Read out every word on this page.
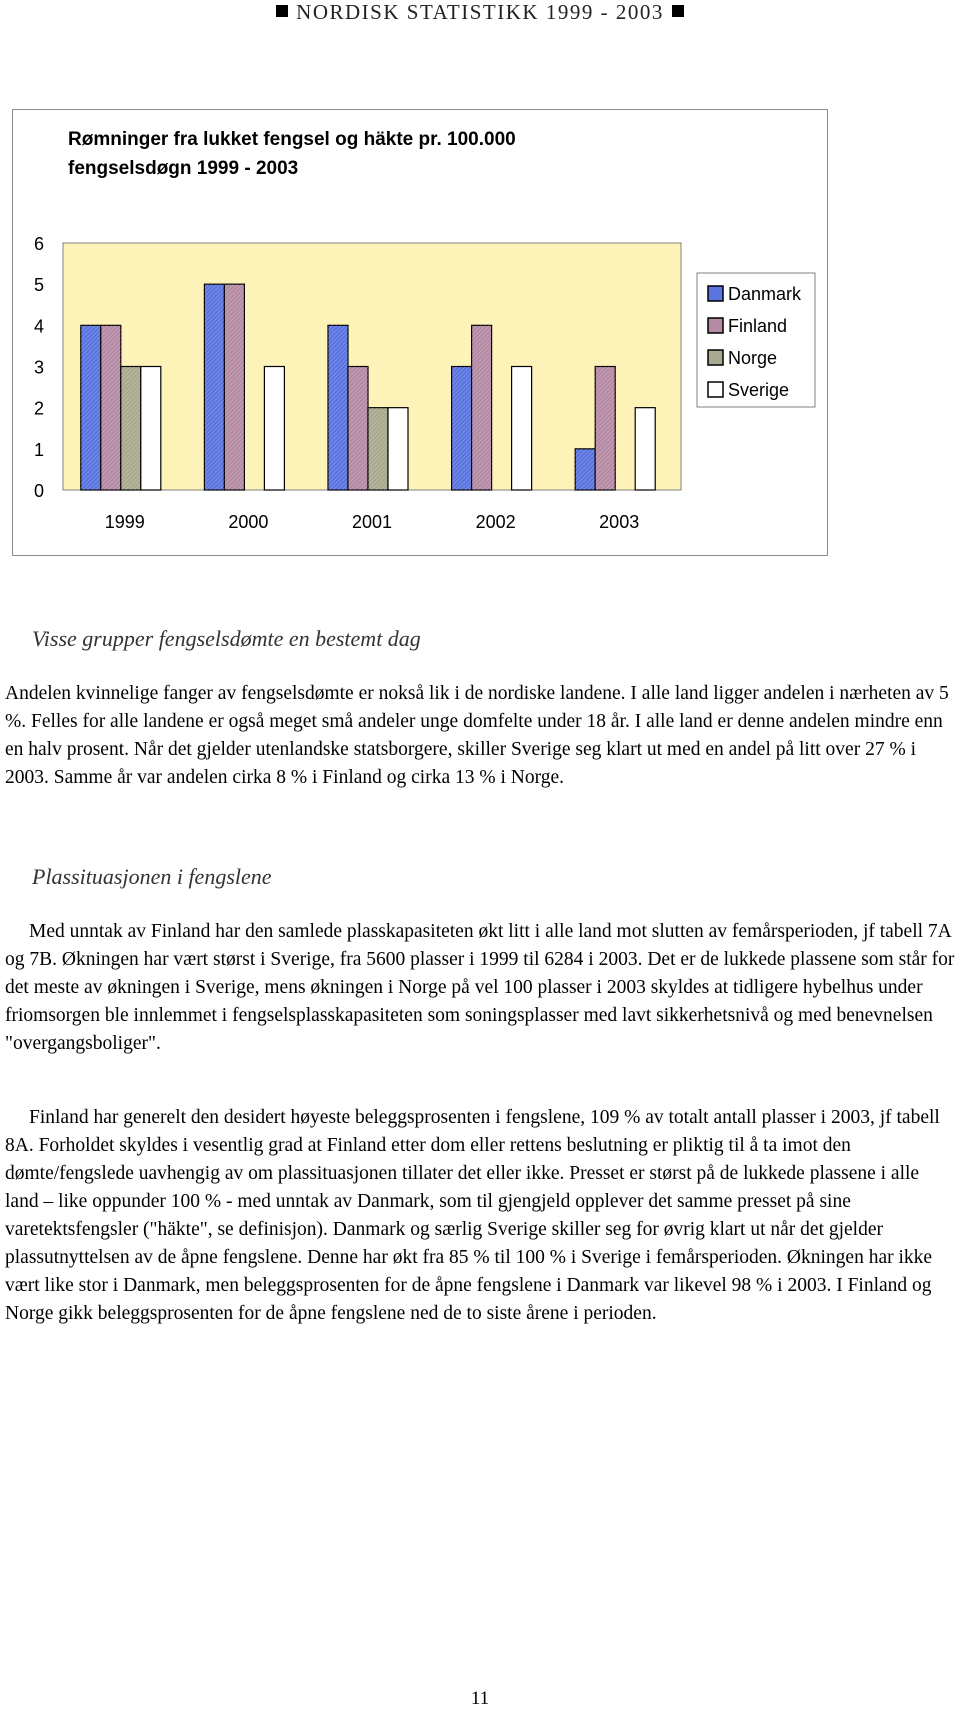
NORDISK STATISTIKK 1999 - 2003
Rømninger fra lukket fengsel og häkte pr. 100.000 fengselsdøgn 1999 - 2003
0
1
2
3
4
5
6
1999	2000	2001	2002	2003
Danmark
Finland
Norge
Sverige
Visse grupper fengselsdømte en bestemt dag

Andelen kvinnelige fanger av fengselsdømte er nokså lik i de nordiske landene. I alle land ligger andelen i nærheten av 5 %. Felles for alle landene er også meget små andeler unge domfelte under 18 år. I alle land er denne andelen mindre enn en halv prosent. Når det gjelder utenlandske statsborgere, skiller Sverige seg klart ut med en andel på litt over 27 % i 2003. Samme år var andelen cirka 8 % i Finland og cirka 13 % i Norge.

Plassituasjonen i fengslene

Med unntak av Finland har den samlede plasskapasiteten økt litt i alle land mot slutten av femårsperioden, jf tabell 7A og 7B. Økningen har vært størst i Sverige, fra 5600 plasser i 1999 til 6284 i 2003. Det er de lukkede plassene som står for det meste av økningen i Sverige, mens økningen i Norge på vel 100 plasser i 2003 skyldes at tidligere hybelhus under friomsorgen ble innlemmet i fengselsplasskapasiteten som soningsplasser med lavt sikkerhetsnivå og med benevnelsen "overgangsboliger".

Finland har generelt den desidert høyeste beleggsprosenten i fengslene, 109 % av totalt antall plasser i 2003, jf tabell 8A. Forholdet skyldes i vesentlig grad at Finland etter dom eller rettens beslutning er pliktig til å ta imot den dømte/fengslede uavhengig av om plassituasjonen tillater det eller ikke. Presset er størst på de lukkede plassene i alle land – like oppunder 100 % - med unntak av Danmark, som til gjengjeld opplever det samme presset på sine varetektsfengsler ("häkte", se definisjon). Danmark og særlig Sverige skiller seg for øvrig klart ut når det gjelder plassutnyttelsen av de åpne fengslene. Denne har økt fra 85 % til 100 % i Sverige i femårsperioden. Økningen har ikke vært like stor i Danmark, men beleggsprosenten for de åpne fengslene i Danmark var likevel 98 % i 2003. I Finland og Norge gikk beleggsprosenten for de åpne fengslene ned de to siste årene i perioden.

11
